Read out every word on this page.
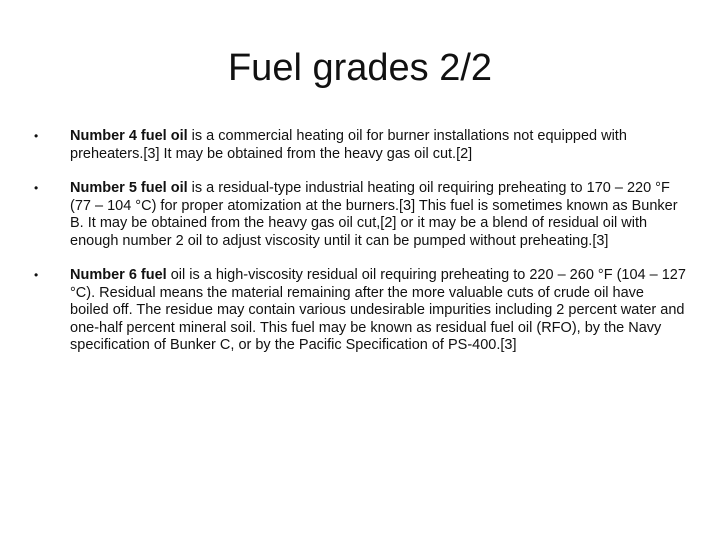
Fuel grades 2/2
•	Number 4 fuel oil is a commercial heating oil for burner installations not equipped with preheaters.[3] It may be obtained from the heavy gas oil cut.[2]
•	Number 5 fuel oil is a residual-type industrial heating oil requiring preheating to 170 – 220 °F (77 – 104 °C) for proper atomization at the burners.[3] This fuel is sometimes known as Bunker B. It may be obtained from the heavy gas oil cut,[2] or it may be a blend of residual oil with enough number 2 oil to adjust viscosity until it can be pumped without preheating.[3]
•	Number 6 fuel oil is a high-viscosity residual oil requiring preheating to 220 – 260 °F (104 – 127 °C). Residual means the material remaining after the more valuable cuts of crude oil have boiled off. The residue may contain various undesirable impurities including 2 percent water and one-half percent mineral soil. This fuel may be known as residual fuel oil (RFO), by the Navy specification of Bunker C, or by the Pacific Specification of PS-400.[3]
